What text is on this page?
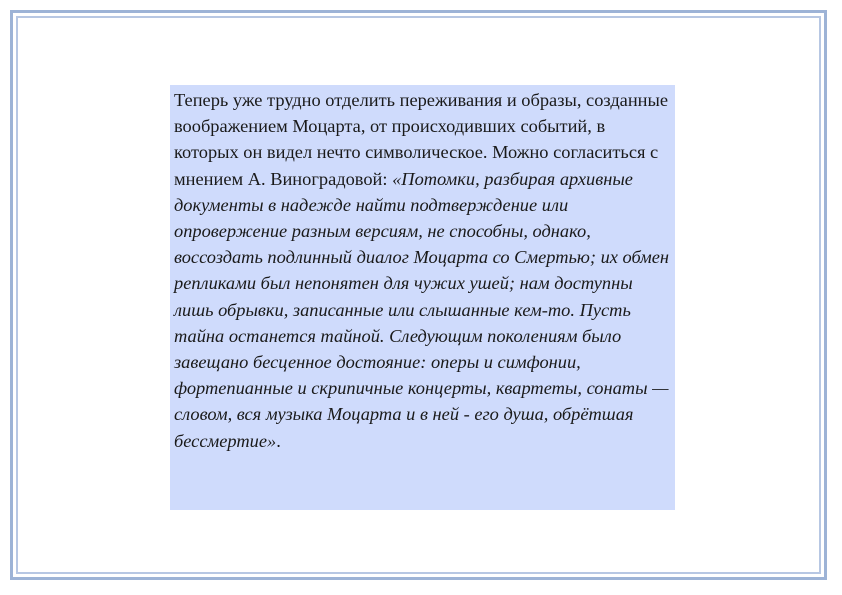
Теперь уже трудно отделить переживания и образы, созданные воображением Моцарта, от происходивших событий, в которых он видел нечто символическое. Можно согласиться с мнением А. Виноградовой: «Потомки, разбирая архивные документы в надежде найти подтверждение или опровержение разным версиям, не способны, однако, воссоздать подлинный диалог Моцарта со Смертью; их обмен репликами был непонятен для чужих ушей; нам доступны лишь обрывки, записанные или слышанные кем-то. Пусть тайна останется тайной. Следующим поколениям было завещано бесценное достояние: оперы и симфонии, фортепианные и скрипичные концерты, квартеты, сонаты — словом, вся музыка Моцарта и в ней - его душа, обрётшая бессмертие».
